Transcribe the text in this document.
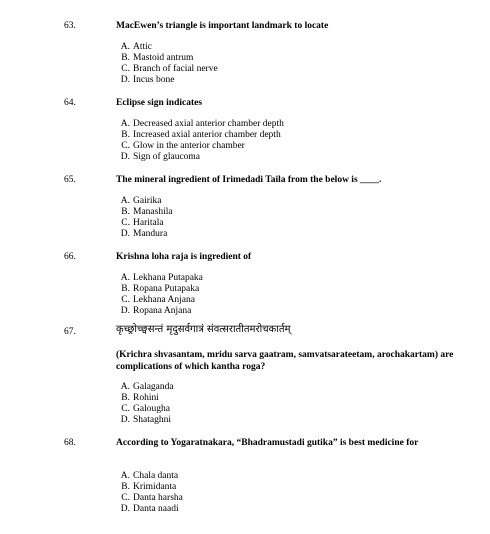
63.	MacEwen’s triangle is important landmark to locate
A. Attic
B. Mastoid antrum
C. Branch of facial nerve
D. Incus bone
64.	Eclipse sign indicates
A. Decreased axial anterior chamber depth
B. Increased axial anterior chamber depth
C. Glow in the anterior chamber
D. Sign of glaucoma
65.	The mineral ingredient of Irimedadi Taila from the below is ____.
A. Gairika
B. Manashila
C. Haritala
D. Mandura
66.	Krishna loha raja is ingredient of
A. Lekhana Putapaka
B. Ropana Putapaka
C. Lekhana Anjana
D. Ropana Anjana
67.	कृच्छ्रोच्छ्वसन्तं मृदुसर्वगात्रं संवत्सरातीतमरोचकार्तम्
(Krichra shvasantam, mridu sarva gaatram, samvatsarateetam, arochakartam) are complications of which kantha roga?
A. Galaganda
B. Rohini
C. Galougha
D. Shataghni
68.	According to Yogaratnakara, “Bhadramustadi gutika” is best medicine for
A. Chala danta
B. Krimidanta
C. Danta harsha
D. Danta naadi
